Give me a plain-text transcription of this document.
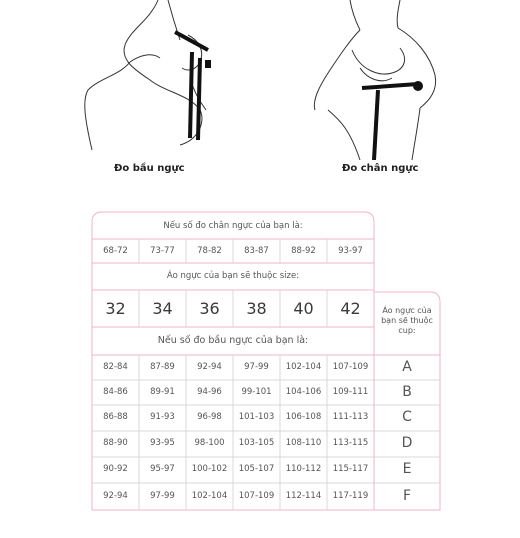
Đo bầu ngực	Đo chân ngực
Nếu số đo chân ngực của bạn là:
Áo ngực của bạn sẽ thuộc size:
Nếu số đo bầu ngực của bạn là:
Áo ngực của bạn sẽ thuộc cup:
68-72	73-77	78-82	83-87	88-92	93-97
32	34	36	38	40	42
82-84	87-89	92-94	97-99	102-104	107-109	A
84-86	89-91	94-96	99-101	104-106	109-111	B
86-88	91-93	96-98	101-103	106-108	111-113	C
88-90	93-95	98-100	103-105	108-110	113-115	D
90-92	95-97	100-102	105-107	110-112	115-117	E
92-94	97-99	102-104	107-109	112-114	117-119	F
